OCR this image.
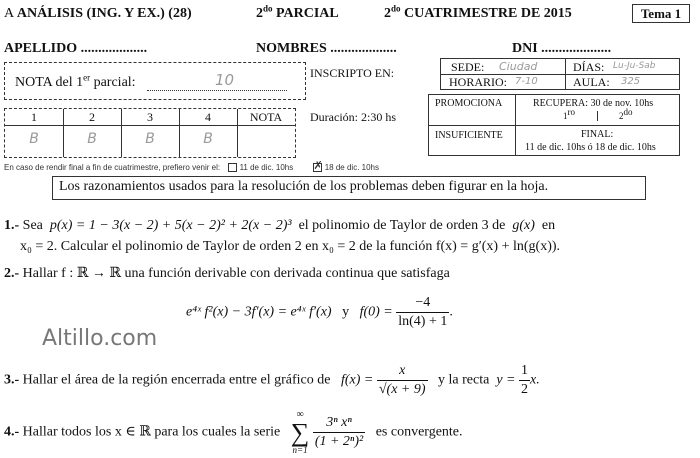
A ANÁLISIS (ING. Y EX.) (28)	$2^{do}$ PARCIAL	$2^{do}$ CUATRIMESTRE DE 2015	Tema 1
APELLIDO ...................	NOMBRES ...................	DNI ....................
NOTA del 1er parcial:	10
1	2	3	4	NOTA
B	B	B	B
INSCRIPTO EN:	SEDE: Ciudad	DÍAS: Lu-Ju-Sab
HORARIO: 7-10	AULA: 325
Duración: 2:30 hs
PROMOCIONA	RECUPERA: 30 de nov. 10hs
$1^{ro}$	$2^{do}$
INSUFICIENTE	FINAL:
11 de dic. 10hs ó 18 de dic. 10hs
En caso de rendir final a fin de cuatrimestre, prefiero venir el: 11 de dic. 10hs ✗ 18 de dic. 10hs
Los razonamientos usados para la resolución de los problemas deben figurar en la hoja.
1.- Sea p(x) = 1 − 3(x − 2) + 5(x − 2)² + 2(x − 2)³ el polinomio de Taylor de orden 3 de g(x) en
x₀ = 2. Calcular el polinomio de Taylor de orden 2 en x₀ = 2 de la función f(x) = g′(x) + ln(g(x)).
2.- Hallar f : ℝ → ℝ una función derivable con derivada continua que satisfaga
e⁴ˣ f²(x) − 3f′(x) = e⁴ˣ f′(x) y $f(0) = \frac{-4}{\ln(4) + 1}$ .
Altillo.com
3.- Hallar el área de la región encerrada entre el gráfico de $f(x) = \frac{x}{√(x + 9)}$ y la recta $y = \frac{1}{2} x$.
4.- Hallar todos los x ∈ ℝ para los cuales la serie
∞
∑
n=1
$\frac{\text{3ⁿ xⁿ}}{\text{(1 + 2ⁿ)²}}$ es convergente.
